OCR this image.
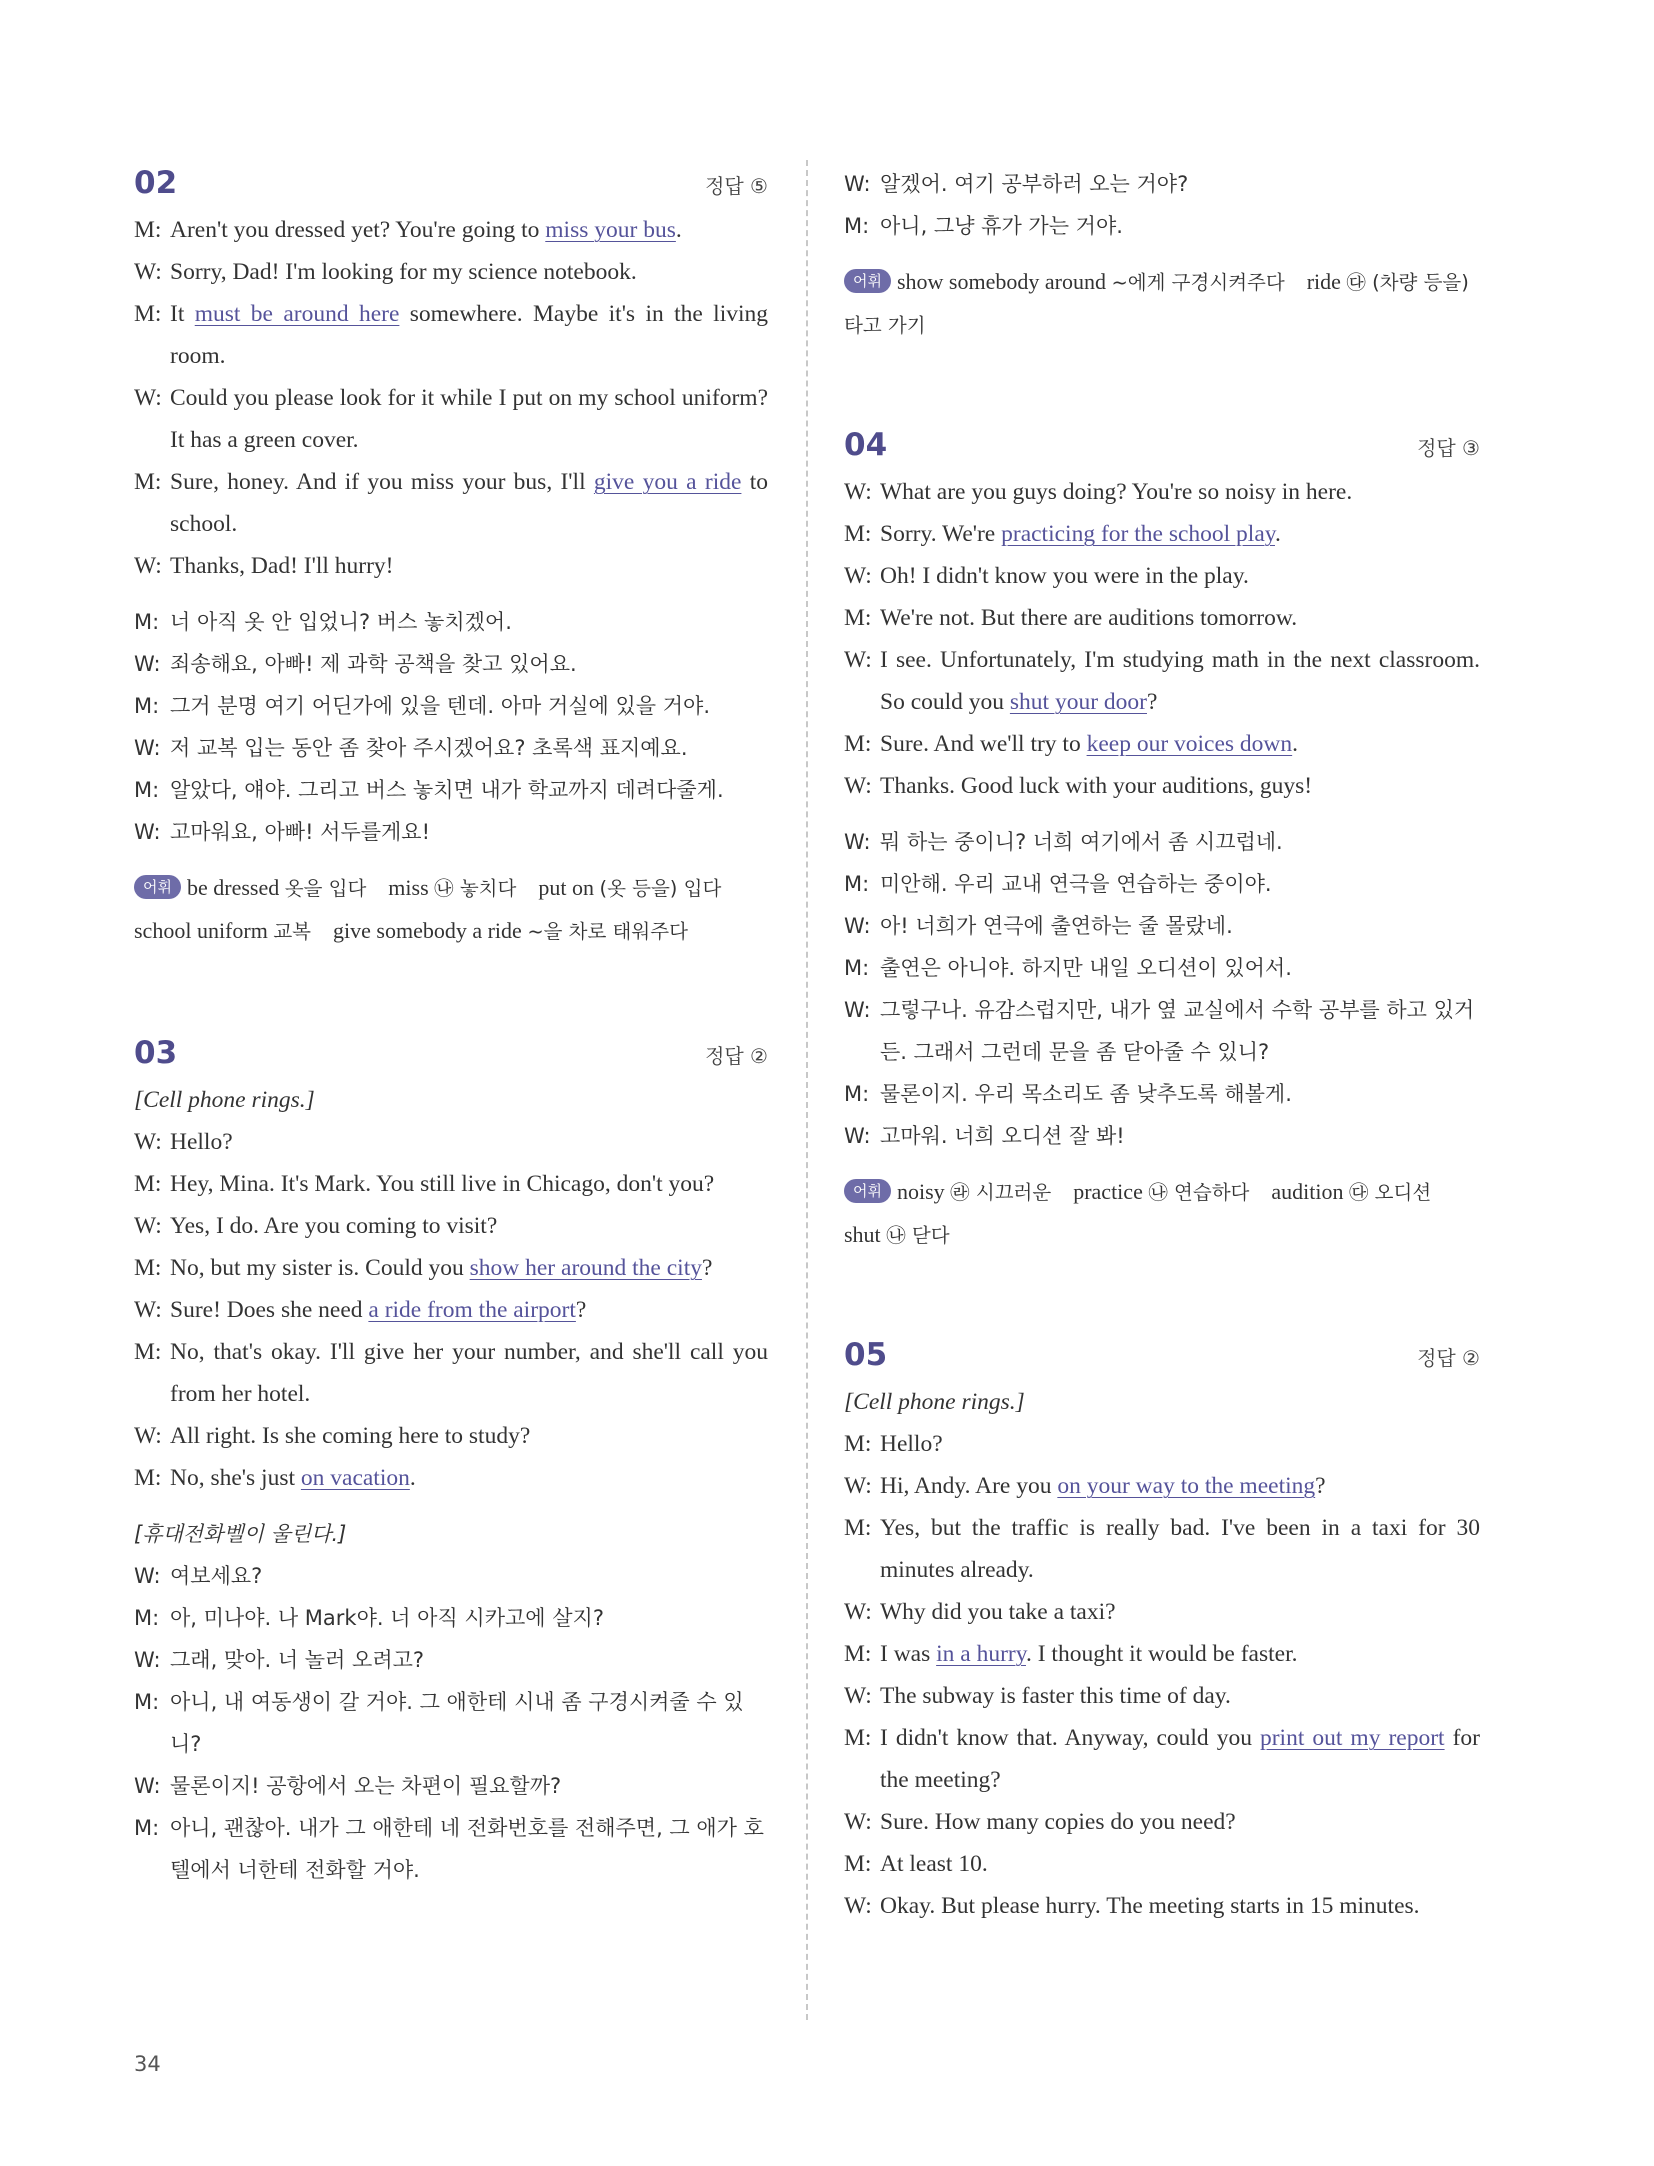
02	정답 ⑤
M: Aren't you dressed yet? You're going to miss your bus.
W: Sorry, Dad! I'm looking for my science notebook.
M: It must be around here somewhere. Maybe it's in the living room.
W: Could you please look for it while I put on my school uniform? It has a green cover.
M: Sure, honey. And if you miss your bus, I'll give you a ride to school.
W: Thanks, Dad! I'll hurry!
M: 너 아직 옷 안 입었니? 버스 놓치겠어.
W: 죄송해요, 아빠! 제 과학 공책을 찾고 있어요.
M: 그거 분명 여기 어딘가에 있을 텐데. 아마 거실에 있을 거야.
W: 저 교복 입는 동안 좀 찾아 주시겠어요? 초록색 표지예요.
M: 알았다, 얘야. 그리고 버스 놓치면 내가 학교까지 데려다줄게.
W: 고마워요, 아빠! 서두를게요!
어휘 be dressed 옷을 입다    miss ㉯ 놓치다    put on (옷 등을) 입다    school uniform 교복    give somebody a ride ~을 차로 태워주다
03	정답 ②
[Cell phone rings.]
W: Hello?
M: Hey, Mina. It's Mark. You still live in Chicago, don't you?
W: Yes, I do. Are you coming to visit?
M: No, but my sister is. Could you show her around the city?
W: Sure! Does she need a ride from the airport?
M: No, that's okay. I'll give her your number, and she'll call you from her hotel.
W: All right. Is she coming here to study?
M: No, she's just on vacation.
[휴대전화벨이 울린다.]
W: 여보세요?
M: 아, 미나야. 나 Mark야. 너 아직 시카고에 살지?
W: 그래, 맞아. 너 놀러 오려고?
M: 아니, 내 여동생이 갈 거야. 그 애한테 시내 좀 구경시켜줄 수 있니?
W: 물론이지! 공항에서 오는 차편이 필요할까?
M: 아니, 괜찮아. 내가 그 애한테 네 전화번호를 전해주면, 그 애가 호텔에서 너한테 전화할 거야.
W: 알겠어. 여기 공부하러 오는 거야?
M: 아니, 그냥 휴가 가는 거야.
어휘 show somebody around ~에게 구경시켜주다    ride ㉰ (차량 등을) 타고 가기
04	정답 ③
W: What are you guys doing? You're so noisy in here.
M: Sorry. We're practicing for the school play.
W: Oh! I didn't know you were in the play.
M: We're not. But there are auditions tomorrow.
W: I see. Unfortunately, I'm studying math in the next classroom. So could you shut your door?
M: Sure. And we'll try to keep our voices down.
W: Thanks. Good luck with your auditions, guys!
W: 뭐 하는 중이니? 너희 여기에서 좀 시끄럽네.
M: 미안해. 우리 교내 연극을 연습하는 중이야.
W: 아! 너희가 연극에 출연하는 줄 몰랐네.
M: 출연은 아니야. 하지만 내일 오디션이 있어서.
W: 그렇구나. 유감스럽지만, 내가 옆 교실에서 수학 공부를 하고 있거든. 그래서 그런데 문을 좀 닫아줄 수 있니?
M: 물론이지. 우리 목소리도 좀 낮추도록 해볼게.
W: 고마워. 너희 오디션 잘 봐!
어휘 noisy ㉱ 시끄러운    practice ㉯ 연습하다    audition ㉰ 오디션    shut ㉯ 닫다
05	정답 ②
[Cell phone rings.]
M: Hello?
W: Hi, Andy. Are you on your way to the meeting?
M: Yes, but the traffic is really bad. I've been in a taxi for 30 minutes already.
W: Why did you take a taxi?
M: I was in a hurry. I thought it would be faster.
W: The subway is faster this time of day.
M: I didn't know that. Anyway, could you print out my report for the meeting?
W: Sure. How many copies do you need?
M: At least 10.
W: Okay. But please hurry. The meeting starts in 15 minutes.
34
